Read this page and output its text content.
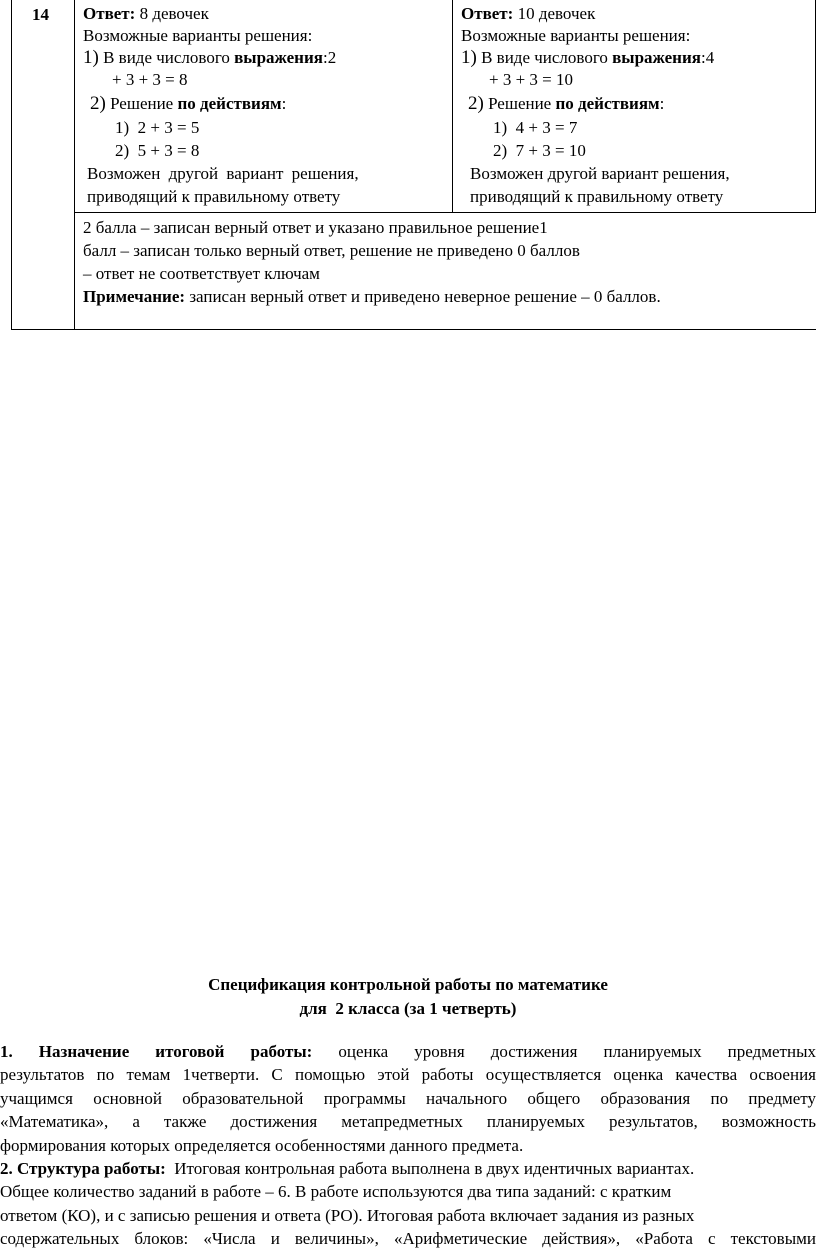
14 Ответ: 8 девочек
Возможные варианты решения:
1) В виде числового выражения:2
+ 3 + 3 = 8
2) Решение по действиям:
1) 2 + 3 = 5
2) 5 + 3 = 8
Возможен другой вариант решения,
приводящий к правильному ответу
Ответ: 10 девочек
Возможные варианты решения:
1) В виде числового выражения:4
+ 3 + 3 = 10
2) Решение по действиям:
1) 4 + 3 = 7
2) 7 + 3 = 10
Возможен другой вариант решения,
приводящий к правильному ответу
2 балла – записан верный ответ и указано правильное решение1
балл – записан только верный ответ, решение не приведено 0 баллов
– ответ не соответствует ключам
Примечание: записан верный ответ и приведено неверное решение – 0 баллов.
Спецификация контрольной работы по математике
для  2 класса (за 1 четверть)
1. Назначение итоговой работы: оценка уровня достижения планируемых предметных
результатов по темам 1четверти. С помощью этой работы осуществляется оценка качества освоения
учащимся основной образовательной программы начального общего образования по предмету
«Математика», а также достижения метапредметных планируемых результатов, возможность
формирования которых определяется особенностями данного предмета.
2. Структура работы: Итоговая контрольная работа выполнена в двух идентичных вариантах.
Общее количество заданий в работе – 6. В работе используются два типа заданий: с кратким
ответом (КО), и с записью решения и ответа (РО). Итоговая работа включает задания из разных
содержательных блоков: «Числа и величины», «Арифметические действия», «Работа с текстовыми
